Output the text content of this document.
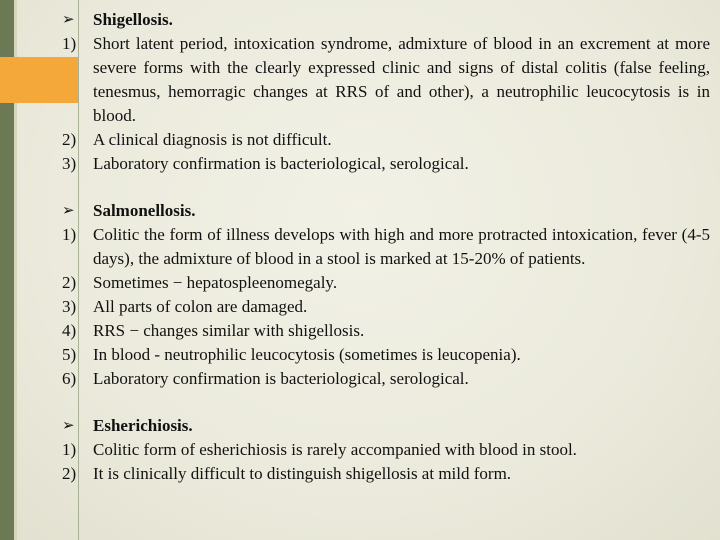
➢	Shigellosis.
1) Short latent period, intoxication syndrome, admixture of blood in an excrement at more severe forms with the clearly expressed clinic and signs of distal colitis (false feeling, tenesmus, hemorragic changes at RRS of and other), a neutrophilic leucocytosis is in blood.
2) A clinical diagnosis is not difficult.
3) Laboratory confirmation is bacteriological, serological.
➢	Salmonellosis.
1) Colitic the form of illness develops with high and more protracted intoxication, fever (4-5 days), the admixture of blood in a stool is marked at 15-20% of patients.
2) Sometimes − hepatospleenomegaly.
3) All parts of colon are damaged.
4) RRS − changes similar with shigellosis.
5) In blood - neutrophilic leucocytosis (sometimes is leucopenia).
6) Laboratory confirmation is bacteriological, serological.
➢	Esherichiosis.
1) Colitic form of esherichiosis is rarely accompanied with blood in stool.
2) It is clinically difficult to distinguish shigellosis at mild form.
